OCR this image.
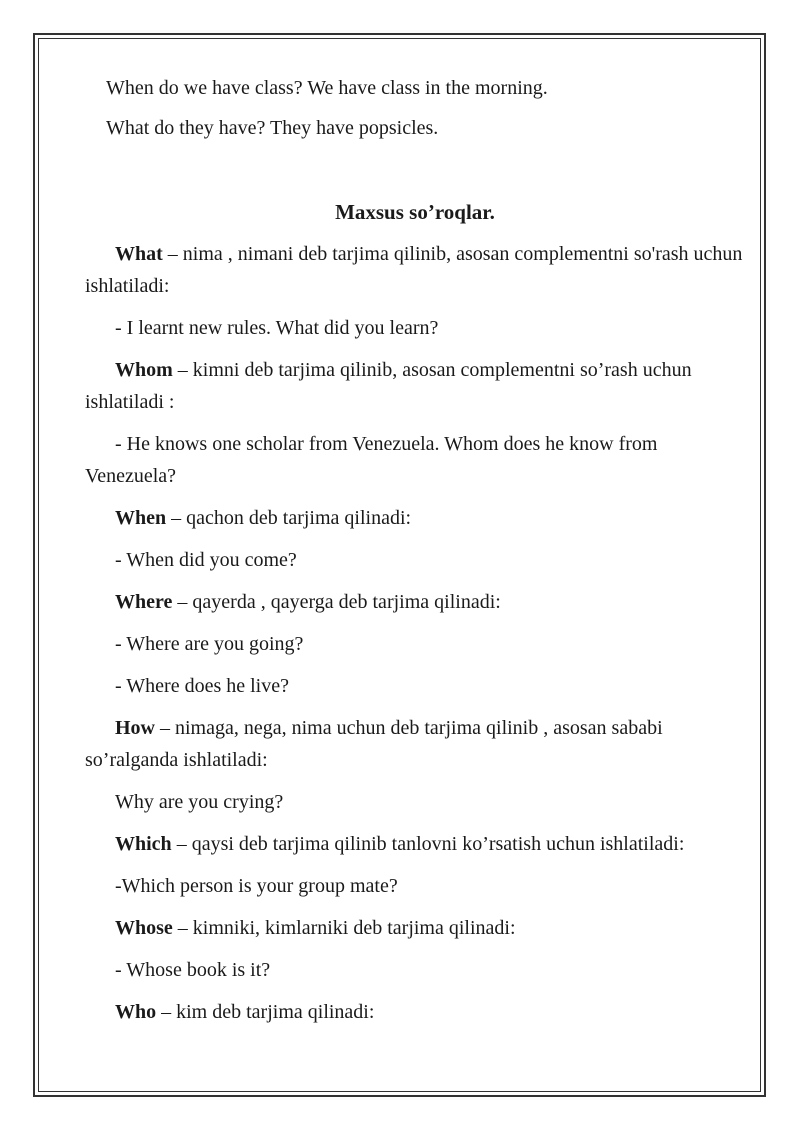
When do we have class? We have class in the morning.

What do they have? They have popsicles.

Maxsus so’roqlar.

What – nima , nimani deb tarjima qilinib, asosan complementni so'rash uchun ishlatiladi:

- I learnt new rules. What did you learn?

Whom – kimni deb tarjima qilinib, asosan complementni so’rash uchun ishlatiladi :

- He knows one scholar from Venezuela. Whom does he know from Venezuela?

When – qachon deb tarjima qilinadi:

- When did you come?

Where – qayerda , qayerga deb tarjima qilinadi:

- Where are you going?

- Where does he live?

How – nimaga, nega, nima uchun deb tarjima qilinib , asosan sababi so’ralganda ishlatiladi:

Why are you crying?

Which – qaysi deb tarjima qilinib tanlovni ko’rsatish uchun ishlatiladi:

-Which person is your group mate?

Whose – kimniki, kimlarniki deb tarjima qilinadi:

- Whose book is it?

Who – kim deb tarjima qilinadi:
